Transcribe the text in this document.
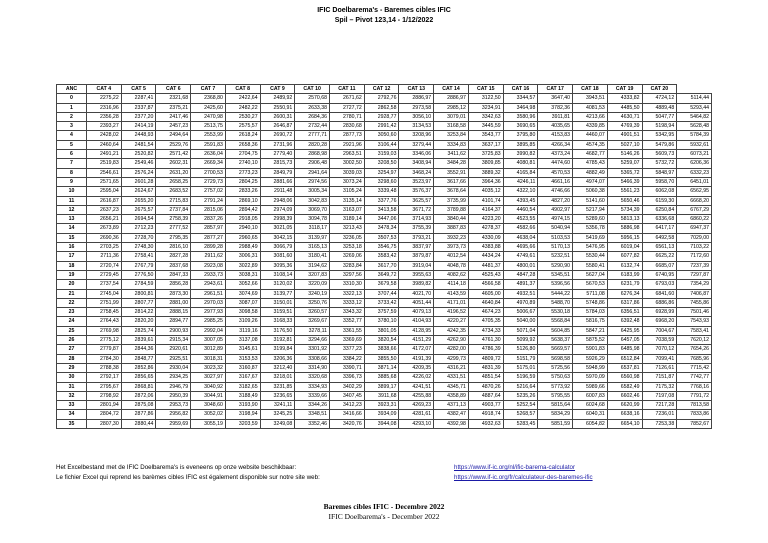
IFIC Doelbarema's - Baremes cibles IFIC
Spil – Pivot 123,14 - 1/12/2022
ANC	CAT 4	CAT 5	CAT 6	CAT 7	CAT 8	CAT 9	CAT 10	CAT 11	CAT 12	CAT 13	CAT 14	CAT 15	CAT 16	CAT 17	CAT 18	CAT 19	CAT 20	
0	2275,22	2287,41	2321,68	2368,80	2422,64	2489,92	2570,68	2671,62	2792,76	2886,97	2886,97	3122,50	3344,57	3647,40	3943,51	4333,82	4724,12	5114,44
1	2316,96	2337,87	2375,21	2425,60	2482,22	2550,91	2633,38	2727,72	2862,58	2973,58	2985,12	3234,91	3464,98	3782,36	4081,53	4485,50	4889,48	5293,44
2	2356,28	2377,20	2417,46	2470,98	2530,27	2600,31	2684,36	2780,71	2928,77	3056,10	3079,01	3342,63	3580,96	3911,81	4213,66	4630,71	5047,77	5464,82
3	2393,27	2414,19	2457,23	2513,75	2575,57	2646,87	2732,44	2830,68	2991,42	3134,53	3168,58	3445,59	3690,65	4035,65	4339,85	4769,39	5198,94	5628,48
4	2428,02	2448,93	2494,64	2553,99	2618,24	2690,72	2777,71	2877,73	3050,60	3208,96	3253,84	3543,77	3795,80	4153,83	4460,07	4901,51	5342,95	5784,39
5	2460,64	2481,54	2529,76	2591,83	2658,36	2731,96	2820,28	2921,96	3106,44	3279,44	3334,83	3637,17	3895,85	4266,34	4574,35	5027,10	5479,86	5932,61
6	2491,21	2520,82	2571,42	2636,04	2704,75	2779,40	2868,98	2963,51	3159,03	3346,06	3411,62	3725,83	3990,82	4373,24	4682,77	5146,26	5609,73	6073,21
7	2519,83	2549,46	2602,31	2669,34	2740,10	2815,73	2906,48	3002,50	3208,50	3408,94	3484,28	3809,85	4080,81	4474,60	4785,43	5259,07	5732,72	6206,36
8	2546,61	2576,24	2631,20	2700,53	2773,23	2849,79	2941,64	3039,03	3254,97	3468,24	3552,91	3889,32	4165,84	4570,53	4882,49	5365,72	5848,97	6332,23
9	2571,65	2601,28	2658,25	2729,73	2804,25	2881,66	2974,56	3073,24	3298,60	3523,97	3617,66	3964,36	4246,11	4661,16	4974,07	5466,39	5958,70	6451,01
10	2595,04	2624,67	2683,52	2757,02	2833,26	2911,48	3005,34	3105,24	3339,48	3576,37	3678,64	4035,12	4322,10	4746,66	5060,38	5561,23	6062,08	6562,95
11	2616,87	2655,20	2715,83	2791,24	2869,10	2948,06	3042,83	3135,14	3377,76	3625,57	3735,99	4101,74	4393,45	4827,20	5141,60	5650,46	6159,30	6668,20
12	2637,23	2675,57	2737,84	2815,06	2894,42	2974,09	3069,70	3163,07	3413,58	3671,72	3789,88	4164,37	4460,54	4902,97	5217,94	5734,39	6250,84	6767,29
13	2656,21	2694,54	2758,39	2837,26	2918,05	2998,39	3094,78	3189,14	3447,06	3714,93	3840,44	4223,20	4523,55	4974,15	5289,60	5813,13	6336,68	6860,22
14	2673,89	2712,23	2777,52	2857,97	2940,10	3021,05	3118,17	3213,43	3478,34	3755,39	3887,83	4278,37	4582,66	5040,94	5356,78	5886,98	6417,17	6947,37
15	2690,36	2728,70	2795,35	2877,27	2960,65	3042,15	3139,97	3236,05	3507,53	3793,21	3932,23	4330,09	4638,04	5103,53	5419,69	5956,15	6492,58	7029,00
16	2703,25	2748,30	2816,10	2899,28	2988,49	3066,79	3165,13	3253,18	3546,75	3837,97	3973,73	4383,88	4695,66	5170,13	5476,95	6019,04	6561,13	7103,22
17	2711,36	2758,41	2827,28	2911,62	3006,31	3081,60	3180,41	3269,06	3583,42	3879,87	4012,54	4434,24	4749,61	5232,51	5530,44	6077,82	6625,22	7172,60
18	2720,74	2767,79	2837,68	2923,08	3022,89	3095,36	3194,62	3283,84	3617,70	3919,04	4048,78	4481,37	4800,01	5290,90	5580,41	6132,74	6685,07	7237,39
19	2729,45	2776,50	2847,33	2933,73	3038,31	3108,14	3207,83	3297,56	3649,72	3955,63	4082,62	4525,43	4847,28	5345,51	5627,04	6183,99	6740,95	7297,87
20	2737,54	2784,59	2856,28	2943,61	3052,66	3120,02	3220,09	3310,30	3679,58	3989,82	4114,18	4566,58	4891,37	5396,56	5670,53	6231,79	6793,03	7354,29
21	2745,04	2800,81	2873,30	2961,51	3074,69	3139,77	3240,19	3322,13	3707,44	4021,70	4143,59	4605,00	4932,51	5444,22	5711,08	6276,34	6841,60	7406,87
22	2751,99	2807,77	2881,00	2970,03	3087,07	3150,01	3250,76	3333,12	3733,42	4051,44	4171,01	4640,84	4970,89	5488,70	5748,86	6317,86	6886,86	7455,86
23	2758,45	2814,22	2888,15	2977,93	3098,58	3159,51	3260,57	3343,32	3757,59	4079,13	4196,52	4674,23	5006,67	5530,18	5784,03	6356,51	6928,99	7501,46
24	2764,43	2820,20	2894,77	2985,25	3109,26	3168,33	3269,67	3352,77	3780,10	4104,93	4220,27	4705,35	5040,00	5568,84	5816,75	6392,48	6968,20	7543,93
25	2769,98	2825,74	2900,93	2992,04	3119,16	3176,50	3278,11	3361,55	3801,05	4128,95	4242,35	4734,33	5071,04	5604,85	5847,21	6425,95	7004,67	7583,41
26	2775,12	2839,61	2915,34	3007,05	3137,08	3192,81	3294,66	3369,69	3820,54	4151,29	4262,90	4761,30	5099,92	5638,37	5875,52	6457,05	7038,59	7620,12
27	2779,87	2844,36	2920,61	3012,89	3145,61	3199,84	3301,92	3377,23	3838,66	4172,07	4282,00	4786,39	5126,80	5669,57	5901,83	6485,98	7070,12	7654,26
28	2784,30	2848,77	2925,51	3018,31	3153,53	3206,36	3308,66	3384,22	3855,50	4191,39	4299,73	4809,72	5151,79	5698,58	5926,29	6512,84	7099,41	7685,96
29	2788,38	2852,86	2930,04	3023,32	3160,87	3212,40	3314,90	3390,71	3871,14	4209,35	4316,21	4831,39	5175,01	5725,56	5948,99	6537,81	7126,61	7715,42
30	2792,17	2856,65	2934,25	3027,97	3167,67	3218,01	3320,68	3396,73	3885,68	4226,02	4331,51	4851,54	5196,59	5750,63	5970,09	6560,98	7151,87	7742,77
31	2795,67	2868,81	2946,79	3040,92	3182,65	3231,85	3334,93	3402,29	3899,17	4241,51	4345,71	4870,26	5216,64	5773,92	5989,66	6582,49	7175,32	7768,16
32	2798,92	2872,06	2950,39	3044,91	3188,49	3236,65	3339,66	3407,45	3911,68	4255,88	4358,89	4887,64	5235,26	5795,55	6007,83	6602,46	7197,08	7791,72
33	2801,94	2875,08	2953,73	3048,60	3193,90	3241,11	3344,26	3412,23	3923,31	4269,23	4371,13	4903,77	5252,54	5815,64	6024,68	6620,99	7217,28	7813,58
34	2804,72	2877,86	2956,82	3052,02	3198,94	3245,25	3348,51	3416,66	3934,09	4281,61	4382,47	4918,74	5268,57	5834,29	6040,31	6638,16	7236,01	7833,86
35	2807,30	2880,44	2959,69	3055,19	3203,59	3249,08	3352,46	3420,76	3944,08	4293,10	4392,98	4932,63	5283,45	5851,59	6054,82	6654,10	7253,38	7852,67
Het Excelbestand met de IFIC Doelbarema's is eveneens op onze website beschikbaar:	https://www.if-ic.org/nl/ific-barema-calculator
Le fichier Excel qui reprend les barèmes cibles IFIC est également disponible sur notre site web:	https://www.if-ic.org/fr/calculateur-des-baremes-ific
Baremes cibles IFIC - Decembre 2022
IFIC Doelbarema's - December 2022
